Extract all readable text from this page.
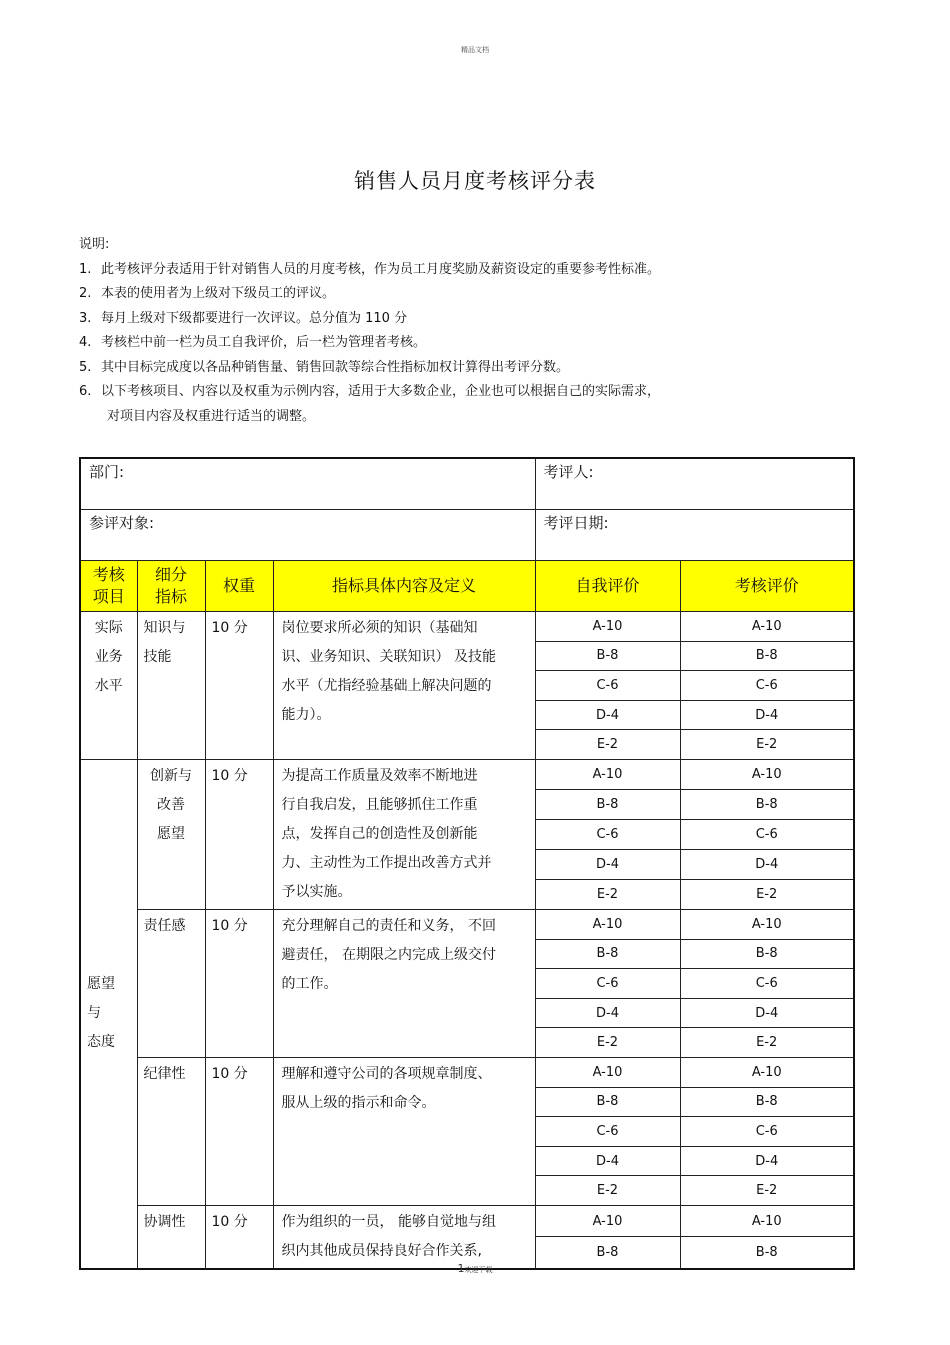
精品文档
销售人员月度考核评分表
说明:
1. 此考核评分表适用于针对销售人员的月度考核，作为员工月度奖励及薪资设定的重要参考性标准。
2. 本表的使用者为上级对下级员工的评议。
3. 每月上级对下级都要进行一次评议。总分值为 110 分
4. 考核栏中前一栏为员工自我评价，后一栏为管理者考核。
5. 其中目标完成度以各品种销售量、销售回款等综合性指标加权计算得出考评分数。
6. 以下考核项目、内容以及权重为示例内容，适用于大多数企业，企业也可以根据自己的实际需求，
对项目内容及权重进行适当的调整。
部门:				考评人:	
参评对象:				考评日期:	
考核
项目	细分
指标	权重	指标具体内容及定义	自我评价	考核评价
实际
业务
水平	知识与
技能	10 分	岗位要求所必须的知识（基础知
识、业务知识、关联知识） 及技能
水平（尤指经验基础上解决问题的
能力）。	A-10	A-10
				B-8	B-8
				C-6	C-6
				D-4	D-4
				E-2	E-2
愿望
与
态度	创新与
改善
愿望	10 分	为提高工作质量及效率不断地进
行自我启发，且能够抓住工作重
点，发挥自己的创造性及创新能
力、主动性为工作提出改善方式并
予以实施。	A-10	A-10
				B-8	B-8
				C-6	C-6
				D-4	D-4
				E-2	E-2
	责任感	10 分	充分理解自己的责任和义务， 不回
避责任， 在期限之内完成上级交付
的工作。	A-10	A-10
				B-8	B-8
				C-6	C-6
				D-4	D-4
				E-2	E-2
	纪律性	10 分	理解和遵守公司的各项规章制度、
服从上级的指示和命令。	A-10	A-10
				B-8	B-8
				C-6	C-6
				D-4	D-4
				E-2	E-2
	协调性	10 分	作为组织的一员， 能够自觉地与组
织内其他成员保持良好合作关系,	A-10	A-10
				B-8	B-8
1欢迎下载
